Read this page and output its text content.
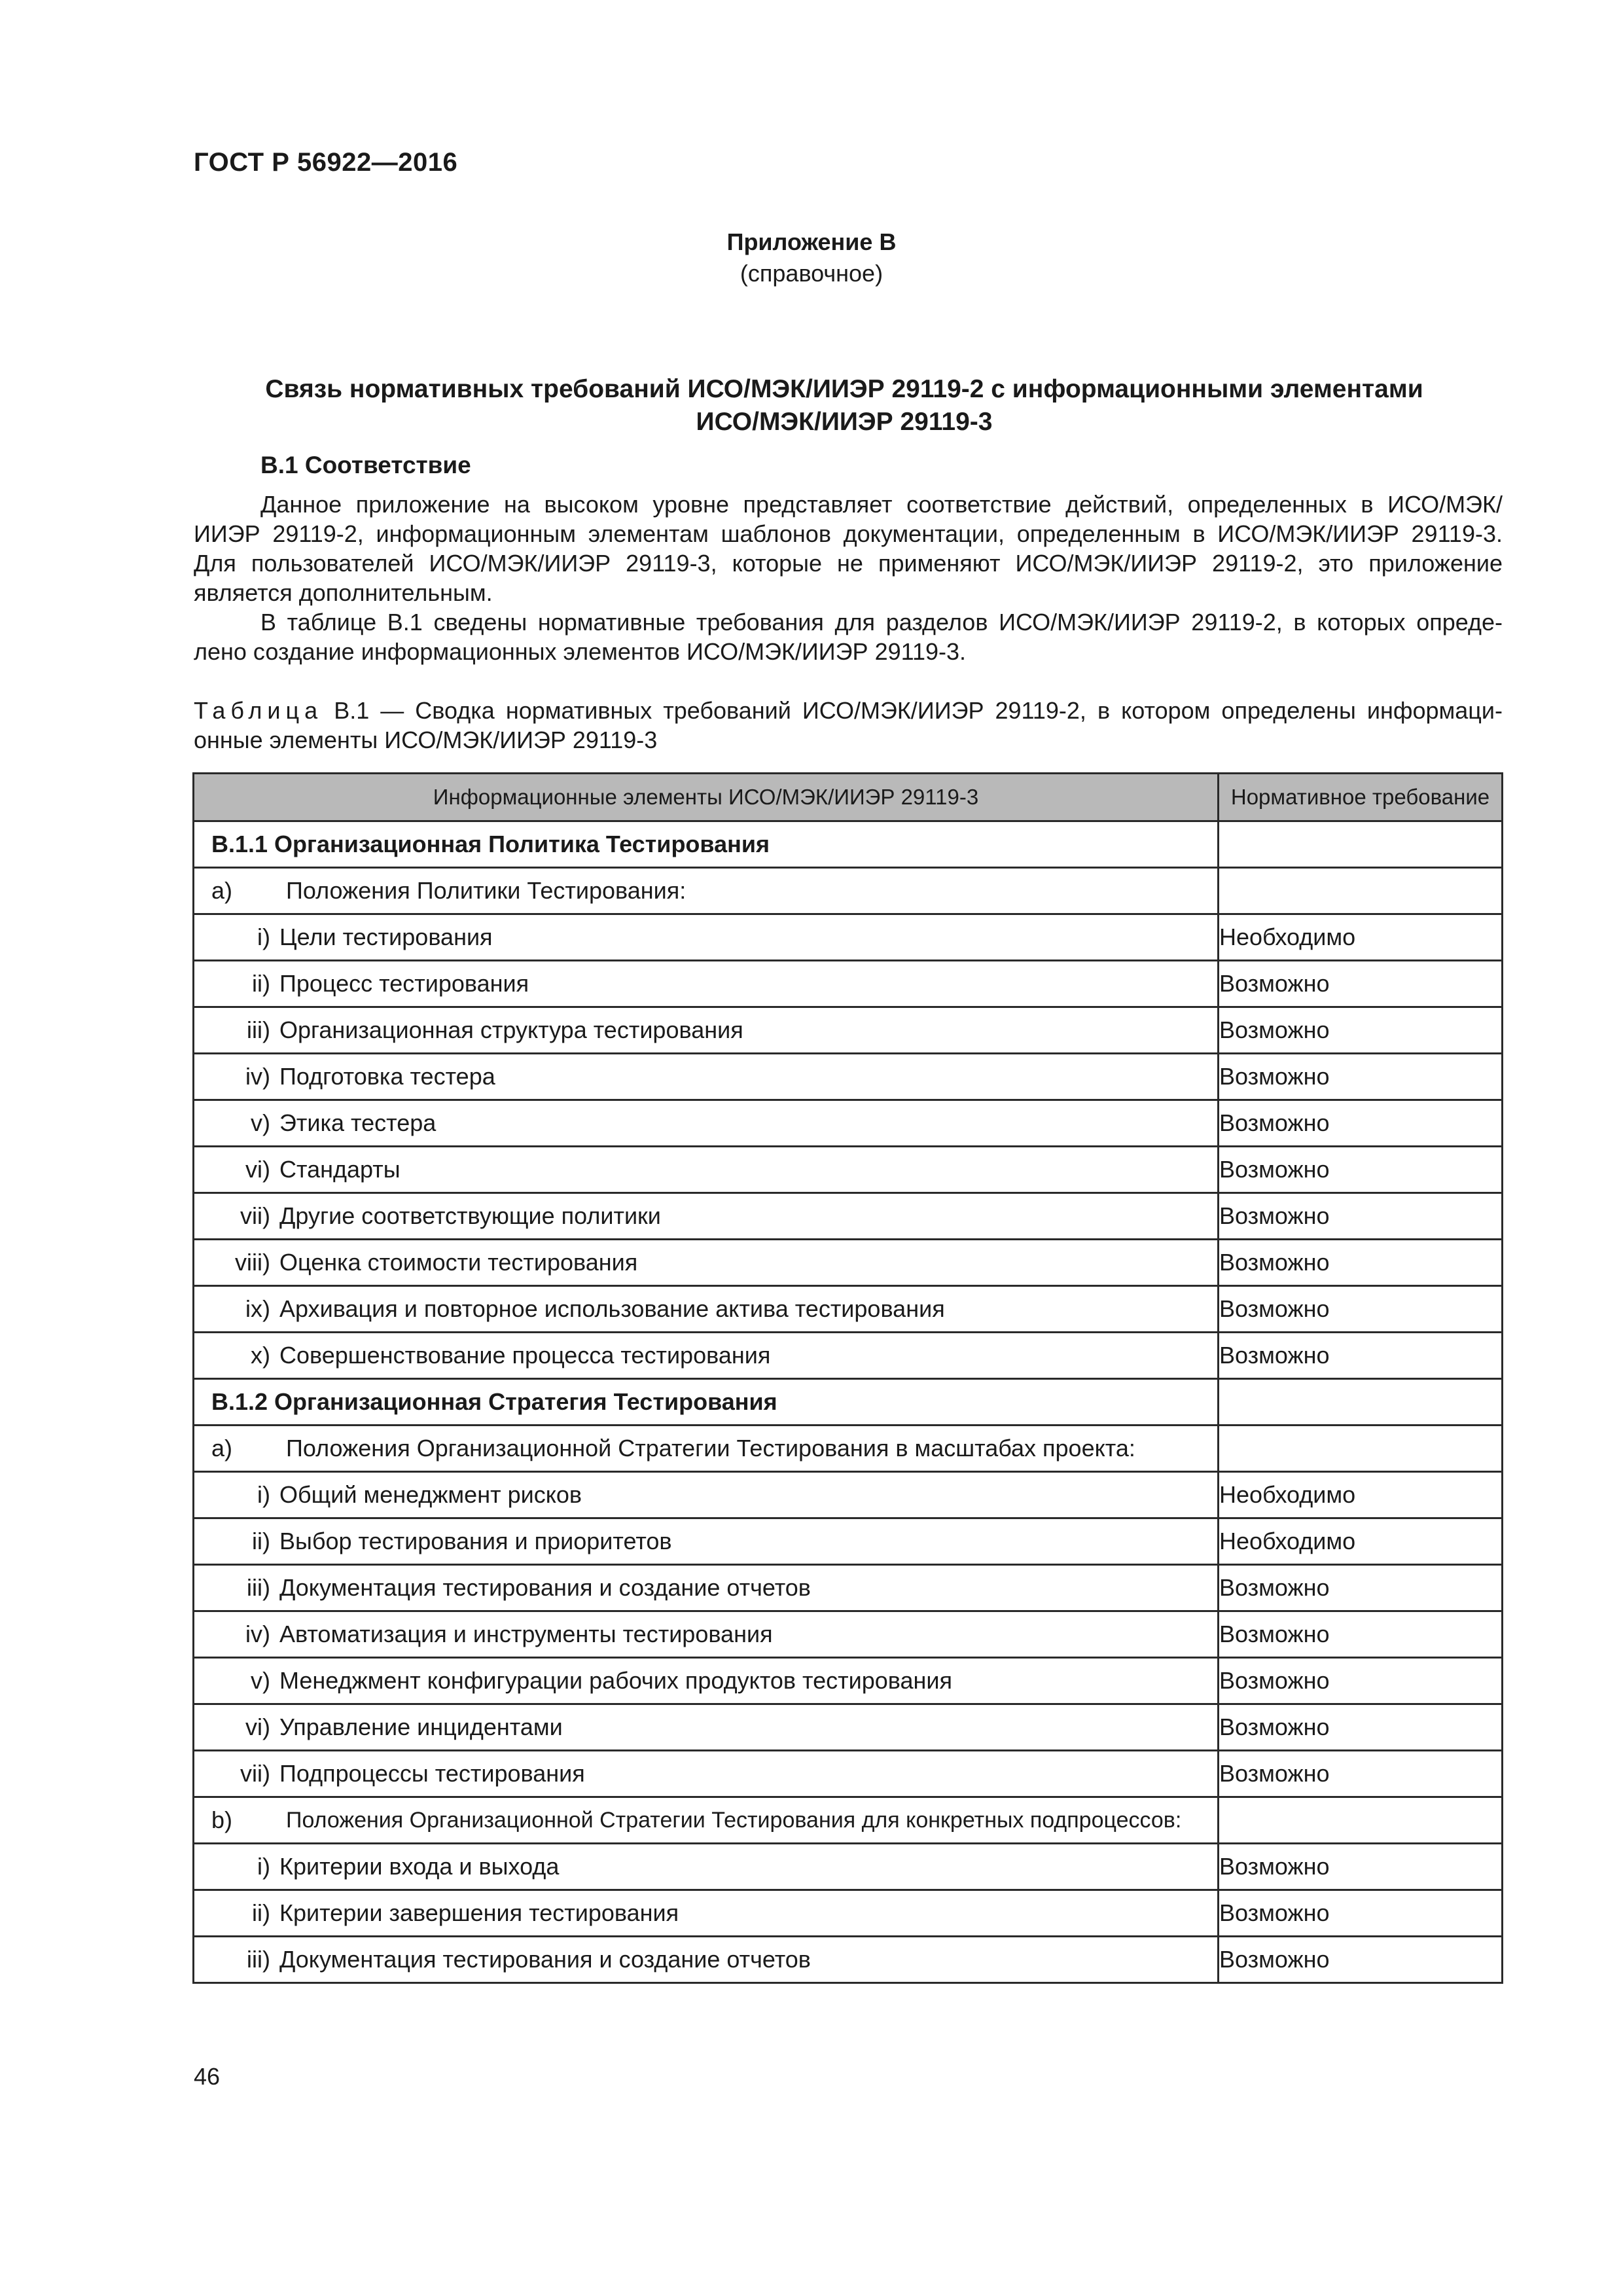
ГОСТ Р 56922—2016
Приложение В
(справочное)
Связь нормативных требований ИСО/МЭК/ИИЭР 29119-2 с информационными элементами
ИСО/МЭК/ИИЭР 29119-3
В.1 Соответствие
Данное приложение на высоком уровне представляет соответствие действий, определенных в ИСО/МЭК/
ИИЭР 29119-2, информационным элементам шаблонов документации, определенным в ИСО/МЭК/ИИЭР 29119-3.
Для пользователей ИСО/МЭК/ИИЭР 29119-3, которые не применяют ИСО/МЭК/ИИЭР 29119-2, это приложение
является дополнительным.
В таблице В.1 сведены нормативные требования для разделов ИСО/МЭК/ИИЭР 29119-2, в которых опреде-
лено создание информационных элементов ИСО/МЭК/ИИЭР 29119-3.
Таблица В.1 — Сводка нормативных требований ИСО/МЭК/ИИЭР 29119-2, в котором определены информаци-
онные элементы ИСО/МЭК/ИИЭР 29119-3
Информационные элементы ИСО/МЭК/ИИЭР 29119-3	Нормативное требование
В.1.1 Организационная Политика Тестирования	

a) Положения Политики Тестирования:	

i) Цели тестирования	Необходимо

ii) Процесс тестирования	Возможно

iii) Организационная структура тестирования	Возможно

iv) Подготовка тестера	Возможно

v) Этика тестера	Возможно

vi) Стандарты	Возможно

vii) Другие соответствующие политики	Возможно

viii) Оценка стоимости тестирования	Возможно

ix) Архивация и повторное использование актива тестирования	Возможно

x) Совершенствование процесса тестирования	Возможно
В.1.2 Организационная Стратегия Тестирования	

a) Положения Организационной Стратегии Тестирования в масштабах проекта:	

i) Общий менеджмент рисков	Необходимо

ii) Выбор тестирования и приоритетов	Необходимо

iii) Документация тестирования и создание отчетов	Возможно

iv) Автоматизация и инструменты тестирования	Возможно

v) Менеджмент конфигурации рабочих продуктов тестирования	Возможно

vi) Управление инцидентами	Возможно

vii) Подпроцессы тестирования	Возможно

b) Положения Организационной Стратегии Тестирования для конкретных подпроцессов:	

i) Критерии входа и выхода	Возможно

ii) Критерии завершения тестирования	Возможно

iii) Документация тестирования и создание отчетов	Возможно
46
